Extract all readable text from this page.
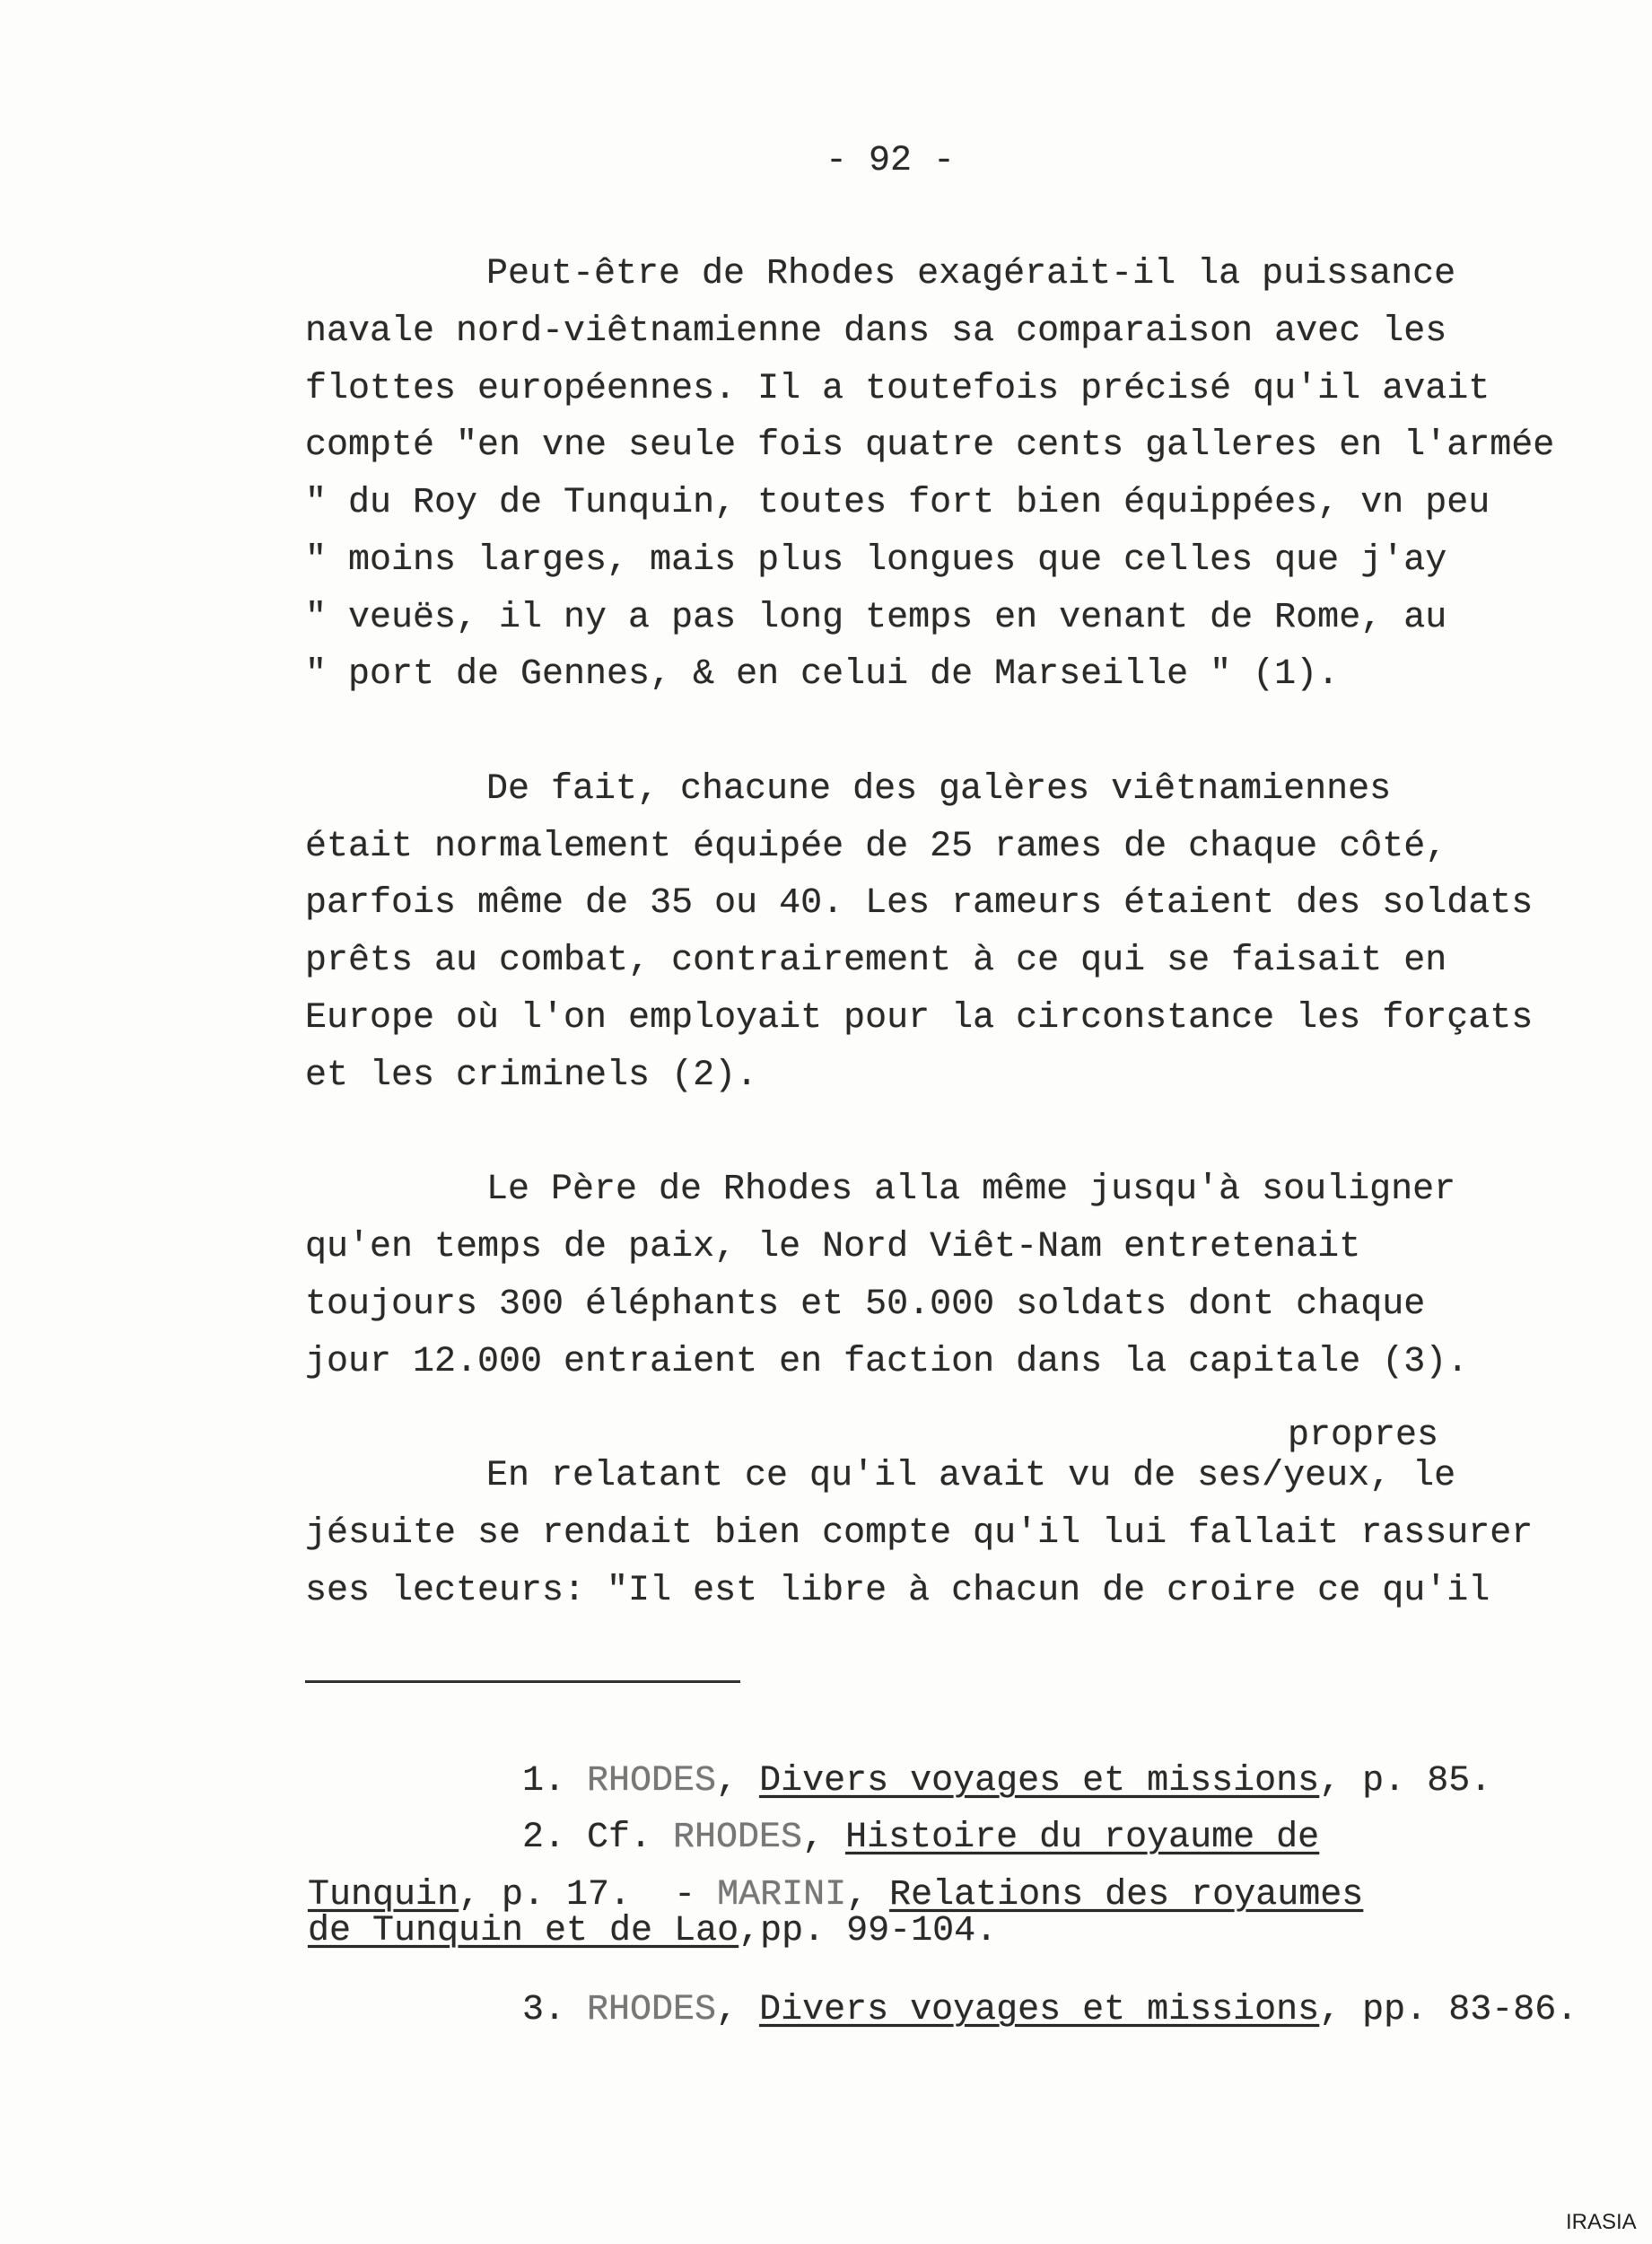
- 92 -
Peut-être de Rhodes exagérait-il la puissance
navale nord-viêtnamienne dans sa comparaison avec les
flottes européennes. Il a toutefois précisé qu'il avait
compté "en vne seule fois quatre cents galleres en l'armée
" du Roy de Tunquin, toutes fort bien équippées, vn peu
" moins larges, mais plus longues que celles que j'ay
" veuës, il ny a pas long temps en venant de Rome, au
" port de Gennes, & en celui de Marseille " (1).
De fait, chacune des galères viêtnamiennes
était normalement équipée de 25 rames de chaque côté,
parfois même de 35 ou 40. Les rameurs étaient des soldats
prêts au combat, contrairement à ce qui se faisait en
Europe où l'on employait pour la circonstance les forçats
et les criminels (2).
Le Père de Rhodes alla même jusqu'à souligner
qu'en temps de paix, le Nord Viêt-Nam entretenait
toujours 300 éléphants et 50.000 soldats dont chaque
jour 12.000 entraient en faction dans la capitale (3).
propres
En relatant ce qu'il avait vu de ses/yeux, le
jésuite se rendait bien compte qu'il lui fallait rassurer
ses lecteurs: "Il est libre à chacun de croire ce qu'il
1. RHODES, Divers voyages et missions, p. 85.
2. Cf. RHODES, Histoire du royaume de
Tunquin, p. 17.  - MARINI, Relations des royaumes
de Tunquin et de Lao,pp. 99-104.
3. RHODES, Divers voyages et missions, pp. 83-86.
IRASIA
